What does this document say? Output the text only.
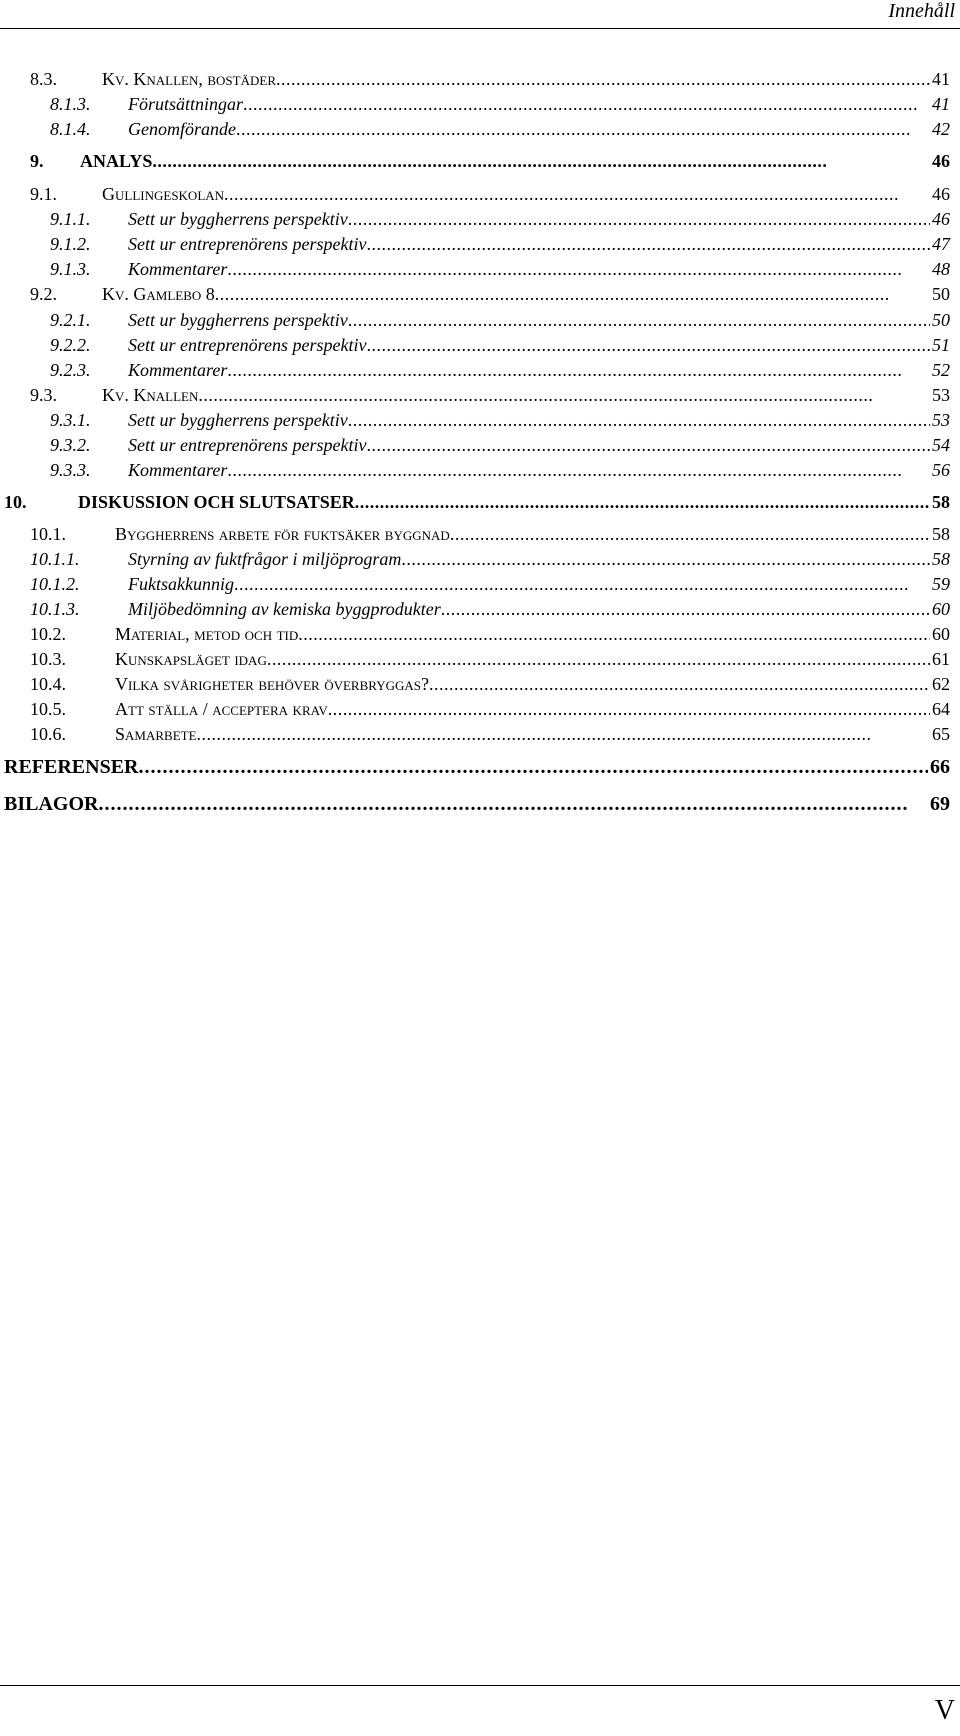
Innehåll
8.3.	Kv. Knallen, bostäder . . .	41
8.1.3.	Förutsättningar . . .	41
8.1.4.	Genomförande . . .	42
9.	ANALYS . . .	46
9.1.	Gullingeskolan . . .	46
9.1.1.	Sett ur byggherrens perspektiv . . .	46
9.1.2.	Sett ur entreprenörens perspektiv . . .	47
9.1.3.	Kommentarer . . .	48
9.2.	Kv. Gamlebo 8 . . .	50
9.2.1.	Sett ur byggherrens perspektiv . . .	50
9.2.2.	Sett ur entreprenörens perspektiv . . .	51
9.2.3.	Kommentarer . . .	52
9.3.	Kv. Knallen . . .	53
9.3.1.	Sett ur byggherrens perspektiv . . .	53
9.3.2.	Sett ur entreprenörens perspektiv . . .	54
9.3.3.	Kommentarer . . .	56
10.	DISKUSSION OCH SLUTSATSER . . .	58
10.1.	Byggherrens arbete för fuktsäker byggnad . . .	58
10.1.1.	Styrning av fuktfrågor i miljöprogram . . .	58
10.1.2.	Fuktsakkunnig . . .	59
10.1.3.	Miljöbedömning av kemiska byggprodukter . . .	60
10.2.	Material, metod och tid . . .	60
10.3.	Kunskapsläget idag . . .	61
10.4.	Vilka svårigheter behöver överbryggas? . . .	62
10.5.	Att ställa / acceptera krav . . .	64
10.6.	Samarbete . . .	65
REFERENSER . . .	66
BILAGOR . . .	69
V
